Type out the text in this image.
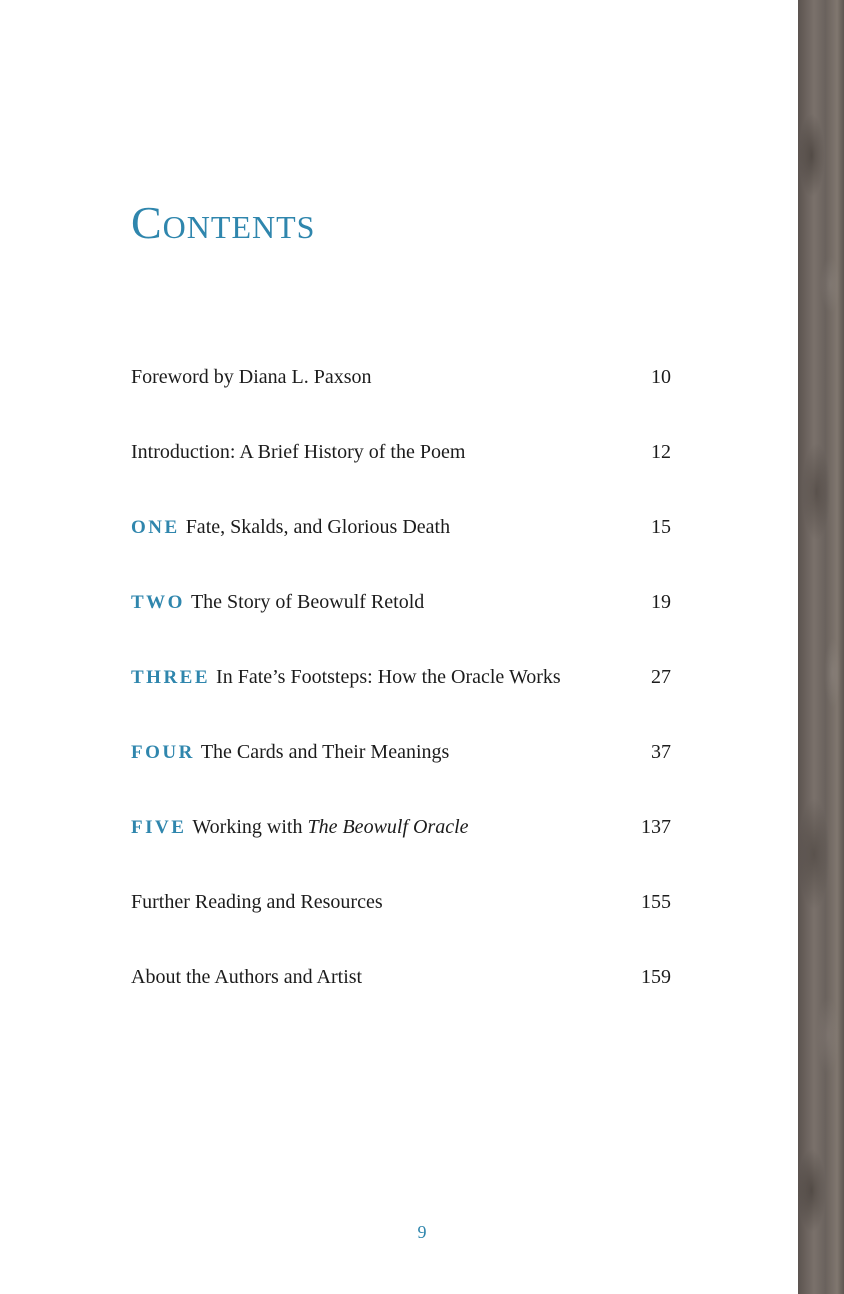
Contents
Foreword by Diana L. Paxson	10
Introduction: A Brief History of the Poem	12
ONE Fate, Skalds, and Glorious Death	15
TWO The Story of Beowulf Retold	19
THREE In Fate’s Footsteps: How the Oracle Works	27
FOUR The Cards and Their Meanings	37
FIVE Working with The Beowulf Oracle	137
Further Reading and Resources	155
About the Authors and Artist	159
9
